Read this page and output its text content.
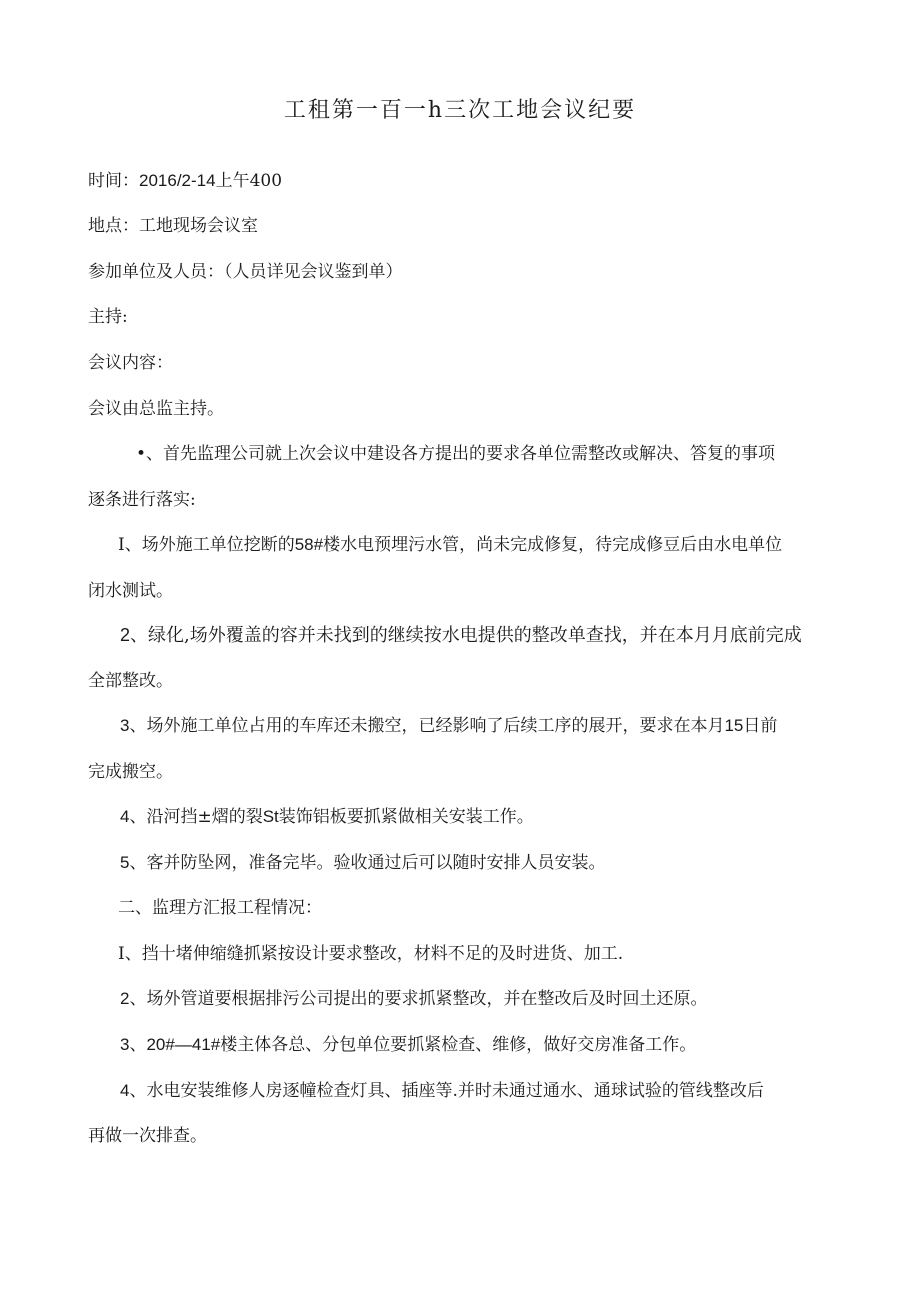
工租第一百一h三次工地会议纪要
时间：2016/2-14上午400
地点：工地现场会议室
参加单位及人员：（人员详见会议鉴到单）
主持:
会议内容：
会议由总监主持。
•、首先监理公司就上次会议中建设各方提出的要求各单位需整改或解决、答复的事项
逐条进行落实:
I、场外施工单位挖断的58#楼水电预埋污水管，尚未完成修复，待完成修豆后由水电单位
闭水测试。
2、绿化,场外覆盖的容并未找到的继续按水电提供的整改单查找，并在本月月底前完成
全部整改。
3、场外施工单位占用的车库还未搬空，已经影响了后续工序的展开，要求在本月15日前
完成搬空。
4、沿河挡±熠的裂St装饰铝板要抓紧做相关安装工作。
5、客并防坠网，准备完毕。验收通过后可以随时安排人员安装。
二、监理方汇报工程情况：
I、挡十堵伸缩缝抓紧按设计要求整改，材料不足的及时进货、加工.
2、场外管道要根据排污公司提出的要求抓紧整改，并在整改后及时回土还原。
3、20#—41#楼主体各总、分包单位要抓紧检查、维修，做好交房准备工作。
4、水电安装维修人房逐幢检查灯具、插座等.并时未通过通水、通球试验的管线整改后
再做一次排查。
